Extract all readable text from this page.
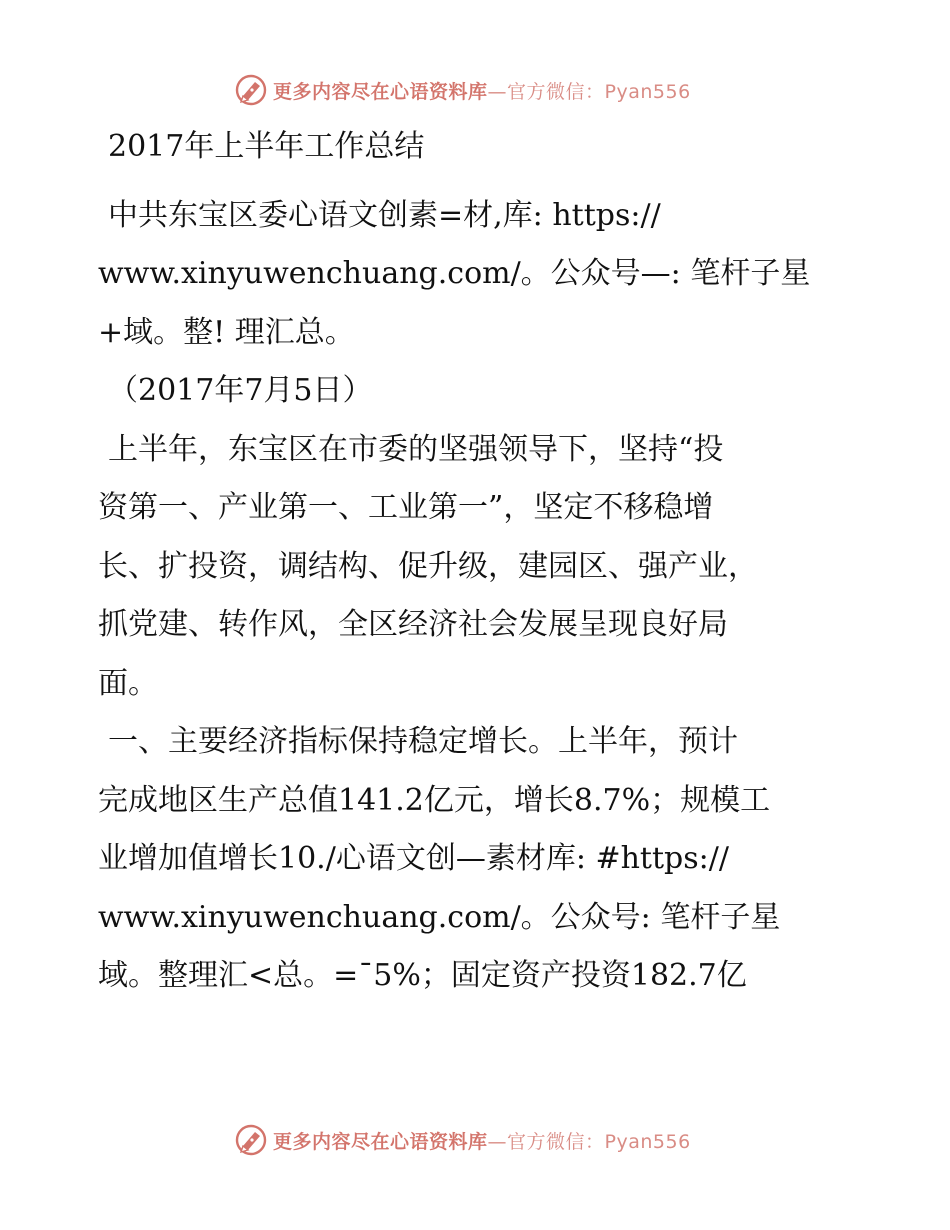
更多内容尽在心语资料库—官方微信：Pyan556

2017年上半年工作总结

中共东宝区委心语文创素=材,库: https://
www.xinyuwenchuang.com/。公众号—: 笔杆子星
+域。整! 理汇总。

（2017年7月5日）

上半年，东宝区在市委的坚强领导下，坚持“投
资第一、产业第一、工业第一”，坚定不移稳增
长、扩投资，调结构、促升级，建园区、强产业，
抓党建、转作风，全区经济社会发展呈现良好局
面。

一、主要经济指标保持稳定增长。上半年，预计
完成地区生产总值141.2亿元，增长8.7%；规模工
业增加值增长10./心语文创—素材库: #https://
www.xinyuwenchuang.com/。公众号: 笔杆子星
域。整理汇<总。=¯5%；固定资产投资182.7亿

更多内容尽在心语资料库—官方微信：Pyan556
